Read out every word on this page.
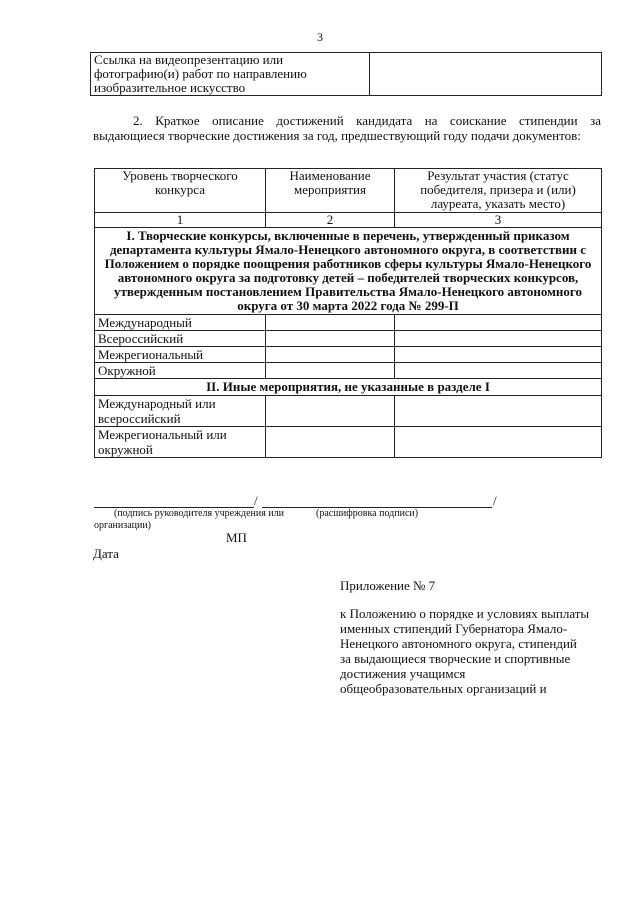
3
Ссылка на видеопрезентацию или фотографию(и) работ по направлению изобразительное искусство	
2. Краткое описание достижений кандидата на соискание стипендии за выдающиеся творческие достижения за год, предшествующий году подачи документов:
Уровень творческого конкурса	Наименование мероприятия	Результат участия (статус победителя, призера и (или) лауреата, указать место)
1	2	3
I. Творческие конкурсы, включенные в перечень, утвержденный приказом департамента культуры Ямало-Ненецкого автономного округа, в соответствии с Положением о порядке поощрения работников сферы культуры Ямало-Ненецкого автономного округа за подготовку детей – победителей творческих конкурсов, утвержденным постановлением Правительства Ямало-Ненецкого автономного округа от 30 марта 2022 года № 299-П		
Международный		
Всероссийский		
Межрегиональный		
Окружной		
II. Иные мероприятия, не указанные в разделе I		
Международный или всероссийский		
Межрегиональный или окружной		
/	/
(подпись руководителя учреждения или организации)
(расшифровка подписи)
МП
Дата
Приложение № 7
к Положению о порядке и условиях выплаты именных стипендий Губернатора Ямало-Ненецкого автономного округа, стипендий за выдающиеся творческие и спортивные достижения учащимся общеобразовательных организаций и
